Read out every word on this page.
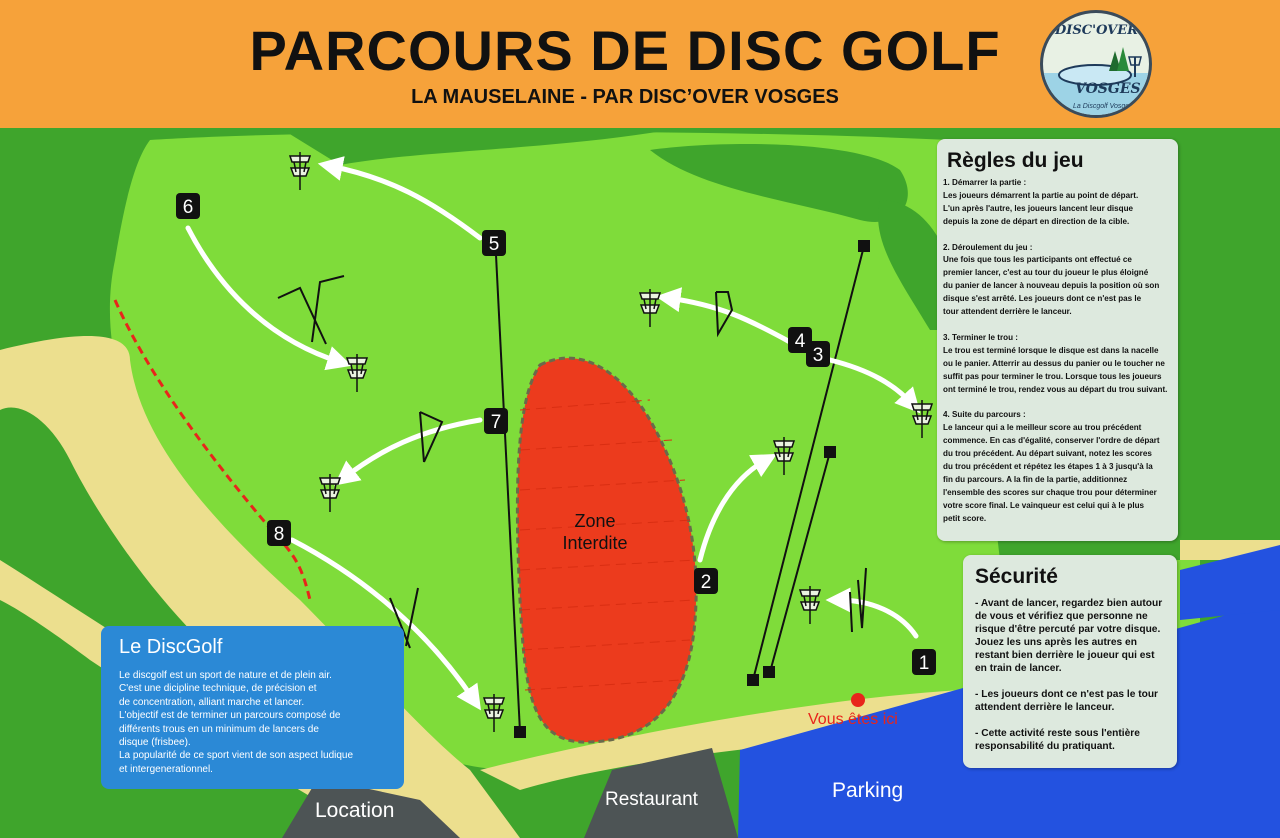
PARCOURS DE DISC GOLF
LA MAUSELAINE - PAR DISC’OVER VOSGES
DISC'OVER
VOSGES
La Discgolf Vosges
1
2
3
4
5
6
7
8
Zone
Interdite
Vous êtes ici
Parking
Restaurant
Location
Règles du jeu
1. Démarrer la partie :
Les joueurs démarrent la partie au point de départ.
L'un après l'autre, les joueurs lancent leur disque
depuis la zone de départ en direction de la cible.

2. Déroulement du jeu :
Une fois que tous les participants ont effectué ce
premier lancer, c'est au tour du joueur le plus éloigné
du panier de lancer à nouveau depuis la position où son
disque s'est arrêté. Les joueurs dont ce n'est pas le
tour attendent derrière le lanceur.

3. Terminer le trou :
Le trou est terminé lorsque le disque est dans la nacelle
ou le panier. Atterrir au dessus du panier ou le toucher ne
suffit pas pour terminer le trou. Lorsque tous les joueurs
ont terminé le trou, rendez vous au départ du trou suivant.

4. Suite du parcours :
Le lanceur qui a le meilleur score au trou précédent
commence. En cas d'égalité, conserver l'ordre de départ
du trou précédent. Au départ suivant, notez les scores
du trou précédent et répétez les étapes 1 à 3 jusqu'à la
fin du parcours. A la fin de la partie, additionnez
l'ensemble des scores sur chaque trou pour déterminer
votre score final. Le vainqueur est celui qui à le plus
petit score.
Sécurité
- Avant de lancer, regardez bien autour
de vous et vérifiez que personne ne
risque d'être percuté par votre disque.
Jouez les uns après les autres en
restant bien derrière le joueur qui est
en train de lancer.

- Les joueurs dont ce n'est pas le tour
attendent derrière le lanceur.

- Cette activité reste sous l'entière
responsabilité du pratiquant.
Le DiscGolf
Le discgolf est un sport de nature et de plein air.
C'est une dicipline technique, de précision et
de concentration, alliant marche et lancer.
L'objectif est de terminer un parcours composé de
différents trous en un minimum de lancers de
disque (frisbee).
La popularité de ce sport vient de son aspect ludique
et intergenerationnel.
